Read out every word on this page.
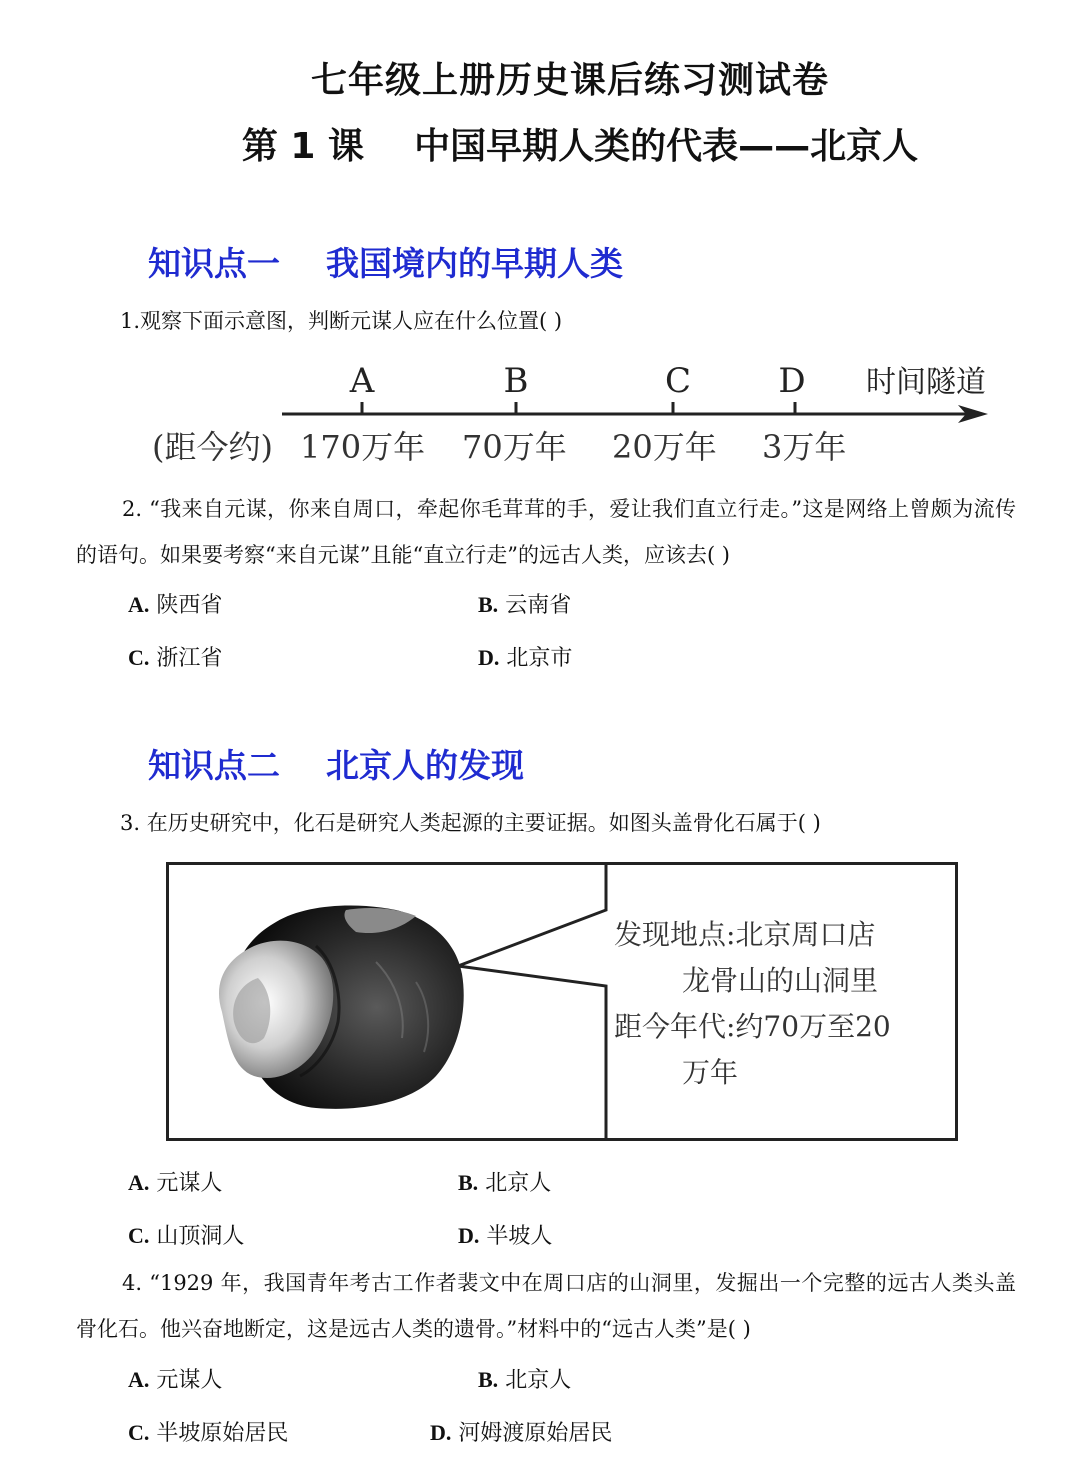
七年级上册历史课后练习测试卷
第 1 课    中国早期人类的代表——北京人
知识点一    我国境内的早期人类
1.观察下面示意图，判断元谋人应在什么位置( )
A	B	C	D 时间隧道
(距今约) 170万年 70万年 20万年 3万年
2. “我来自元谋，你来自周口，牵起你毛茸茸的手，爱让我们直立行走。”这是网络上曾颇为流传的语句。如果要考察“来自元谋”且能“直立行走”的远古人类，应该去( )
A. 陕西省	B. 云南省
C. 浙江省	D. 北京市
知识点二    北京人的发现
3. 在历史研究中，化石是研究人类起源的主要证据。如图头盖骨化石属于( )
发现地点:北京周口店
龙骨山的山洞里
距今年代:约70万至20
万年
A. 元谋人	B. 北京人
C. 山顶洞人	D. 半坡人
4. “1929 年，我国青年考古工作者裴文中在周口店的山洞里，发掘出一个完整的远古人类头盖骨化石。他兴奋地断定，这是远古人类的遗骨。”材料中的“远古人类”是( )
A. 元谋人	B. 北京人
C. 半坡原始居民	D. 河姆渡原始居民
